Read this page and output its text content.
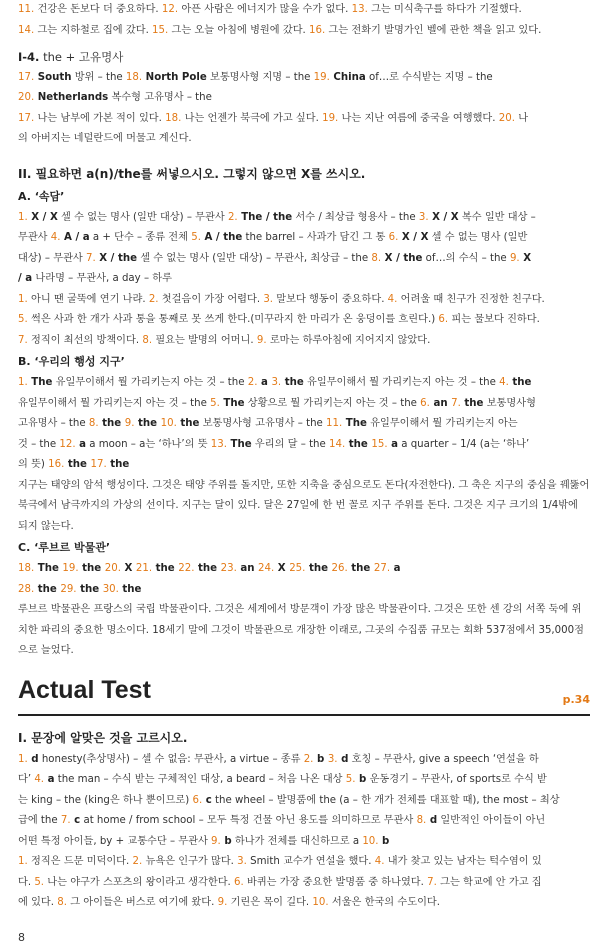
11. 건강은 돈보다 더 중요하다. 12. 아픈 사람은 에너지가 많을 수가 없다. 13. 그는 미식축구를 하다가 기절했다.
14. 그는 지하철로 집에 갔다. 15. 그는 오늘 아침에 병원에 갔다. 16. 그는 전화기 발명가인 벨에 관한 책을 읽고 있다.
I-4. the + 고유명사
17. South 방위 – the 18. North Pole 보통명사형 지명 – the 19. China of…로 수식받는 지명 – the
20. Netherlands 복수형 고유명사 – the
17. 나는 남부에 가본 적이 있다. 18. 나는 언젠가 북극에 가고 싶다. 19. 나는 지난 여름에 중국을 여행했다. 20. 나
의 아버지는 네덜란드에 머물고 계신다.
II. 필요하면 a(n)/the를 써넣으시오. 그렇지 않으면 X를 쓰시오.
A. ‘속담’
1. X / X 셀 수 없는 명사 (일반 대상) – 무관사 2. The / the 서수 / 최상급 형용사 – the 3. X / X 복수 일반 대상 –
무관사 4. A / a a + 단수 – 종류 전체 5. A / the the barrel – 사과가 담긴 그 통 6. X / X 셀 수 없는 명사 (일반
대상) – 무관사 7. X / the 셀 수 없는 명사 (일반 대상) – 무관사, 최상급 – the 8. X / the of…의 수식 – the 9. X
/ a 나라명 – 무관사, a day – 하루
1. 아니 땐 굴뚝에 연기 나랴. 2. 첫걸음이 가장 어렵다. 3. 말보다 행동이 중요하다. 4. 어려울 때 친구가 진정한 친구다.
5. 썩은 사과 한 개가 사과 통을 통째로 못 쓰게 한다.(미꾸라지 한 마리가 온 웅덩이를 흐린다.) 6. 피는 물보다 진하다.
7. 정직이 최선의 방책이다. 8. 필요는 발명의 어머니. 9. 로마는 하루아침에 지어지지 않았다.
B. ‘우리의 행성 지구’
1. The 유일무이해서 뭘 가리키는지 아는 것 – the 2. a 3. the 유일무이해서 뭘 가리키는지 아는 것 – the 4. the
유일무이해서 뭘 가리키는지 아는 것 – the 5. The 상황으로 뭘 가리키는지 아는 것 – the 6. an 7. the 보통명사형
고유명사 – the 8. the 9. the 10. the 보통명사형 고유명사 – the 11. The 유일무이해서 뭘 가리키는지 아는
것 – the 12. a a moon – a는 ‘하나’의 뜻 13. The 우리의 달 – the 14. the 15. a a quarter – 1/4 (a는 ‘하나’
의 뜻) 16. the 17. the
지구는 태양의 암석 행성이다. 그것은 태양 주위를 돌지만, 또한 지축을 중심으로도 돈다(자전한다). 그 축은 지구의 중심을 꿰뚫어
북극에서 남극까지의 가상의 선이다. 지구는 달이 있다. 달은 27일에 한 번 꼴로 지구 주위를 돈다. 그것은 지구 크기의 1/4밖에
되지 않는다.
C. ‘루브르 박물관’
18. The 19. the 20. X 21. the 22. the 23. an 24. X 25. the 26. the 27. a
28. the 29. the 30. the
루브르 박물관은 프랑스의 국립 박물관이다. 그것은 세계에서 방문객이 가장 많은 박물관이다. 그것은 또한 센 강의 서쪽 둑에 위
치한 파리의 중요한 명소이다. 18세기 말에 그것이 박물관으로 개장한 이래로, 그곳의 수집품 규모는 회화 537점에서 35,000점
으로 늘었다.
Actual Test	p.34
I. 문장에 알맞은 것을 고르시오.
1. d honesty(추상명사) – 셀 수 없음: 무관사, a virtue – 종류 2. b 3. d 호칭 – 무관사, give a speech ‘연설을 하
다’ 4. a the man – 수식 받는 구체적인 대상, a beard – 처음 나온 대상 5. b 운동경기 – 무관사, of sports로 수식 받
는 king – the (king은 하나 뿐이므로) 6. c the wheel – 발명품에 the (a – 한 개가 전체를 대표할 때), the most – 최상
급에 the 7. c at home / from school – 모두 특정 건물 아닌 용도를 의미하므로 무관사 8. d 일반적인 아이들이 아닌
어떤 특정 아이들, by + 교통수단 – 무관사 9. b 하나가 전체를 대신하므로 a 10. b
1. 정직은 드문 미덕이다. 2. 뉴욕은 인구가 많다. 3. Smith 교수가 연설을 했다. 4. 내가 찾고 있는 남자는 턱수염이 있
다. 5. 나는 야구가 스포츠의 왕이라고 생각한다. 6. 바퀴는 가장 중요한 발명품 중 하나였다. 7. 그는 학교에 안 가고 집
에 있다. 8. 그 아이들은 버스로 여기에 왔다. 9. 기린은 목이 길다. 10. 서울은 한국의 수도이다.
8
